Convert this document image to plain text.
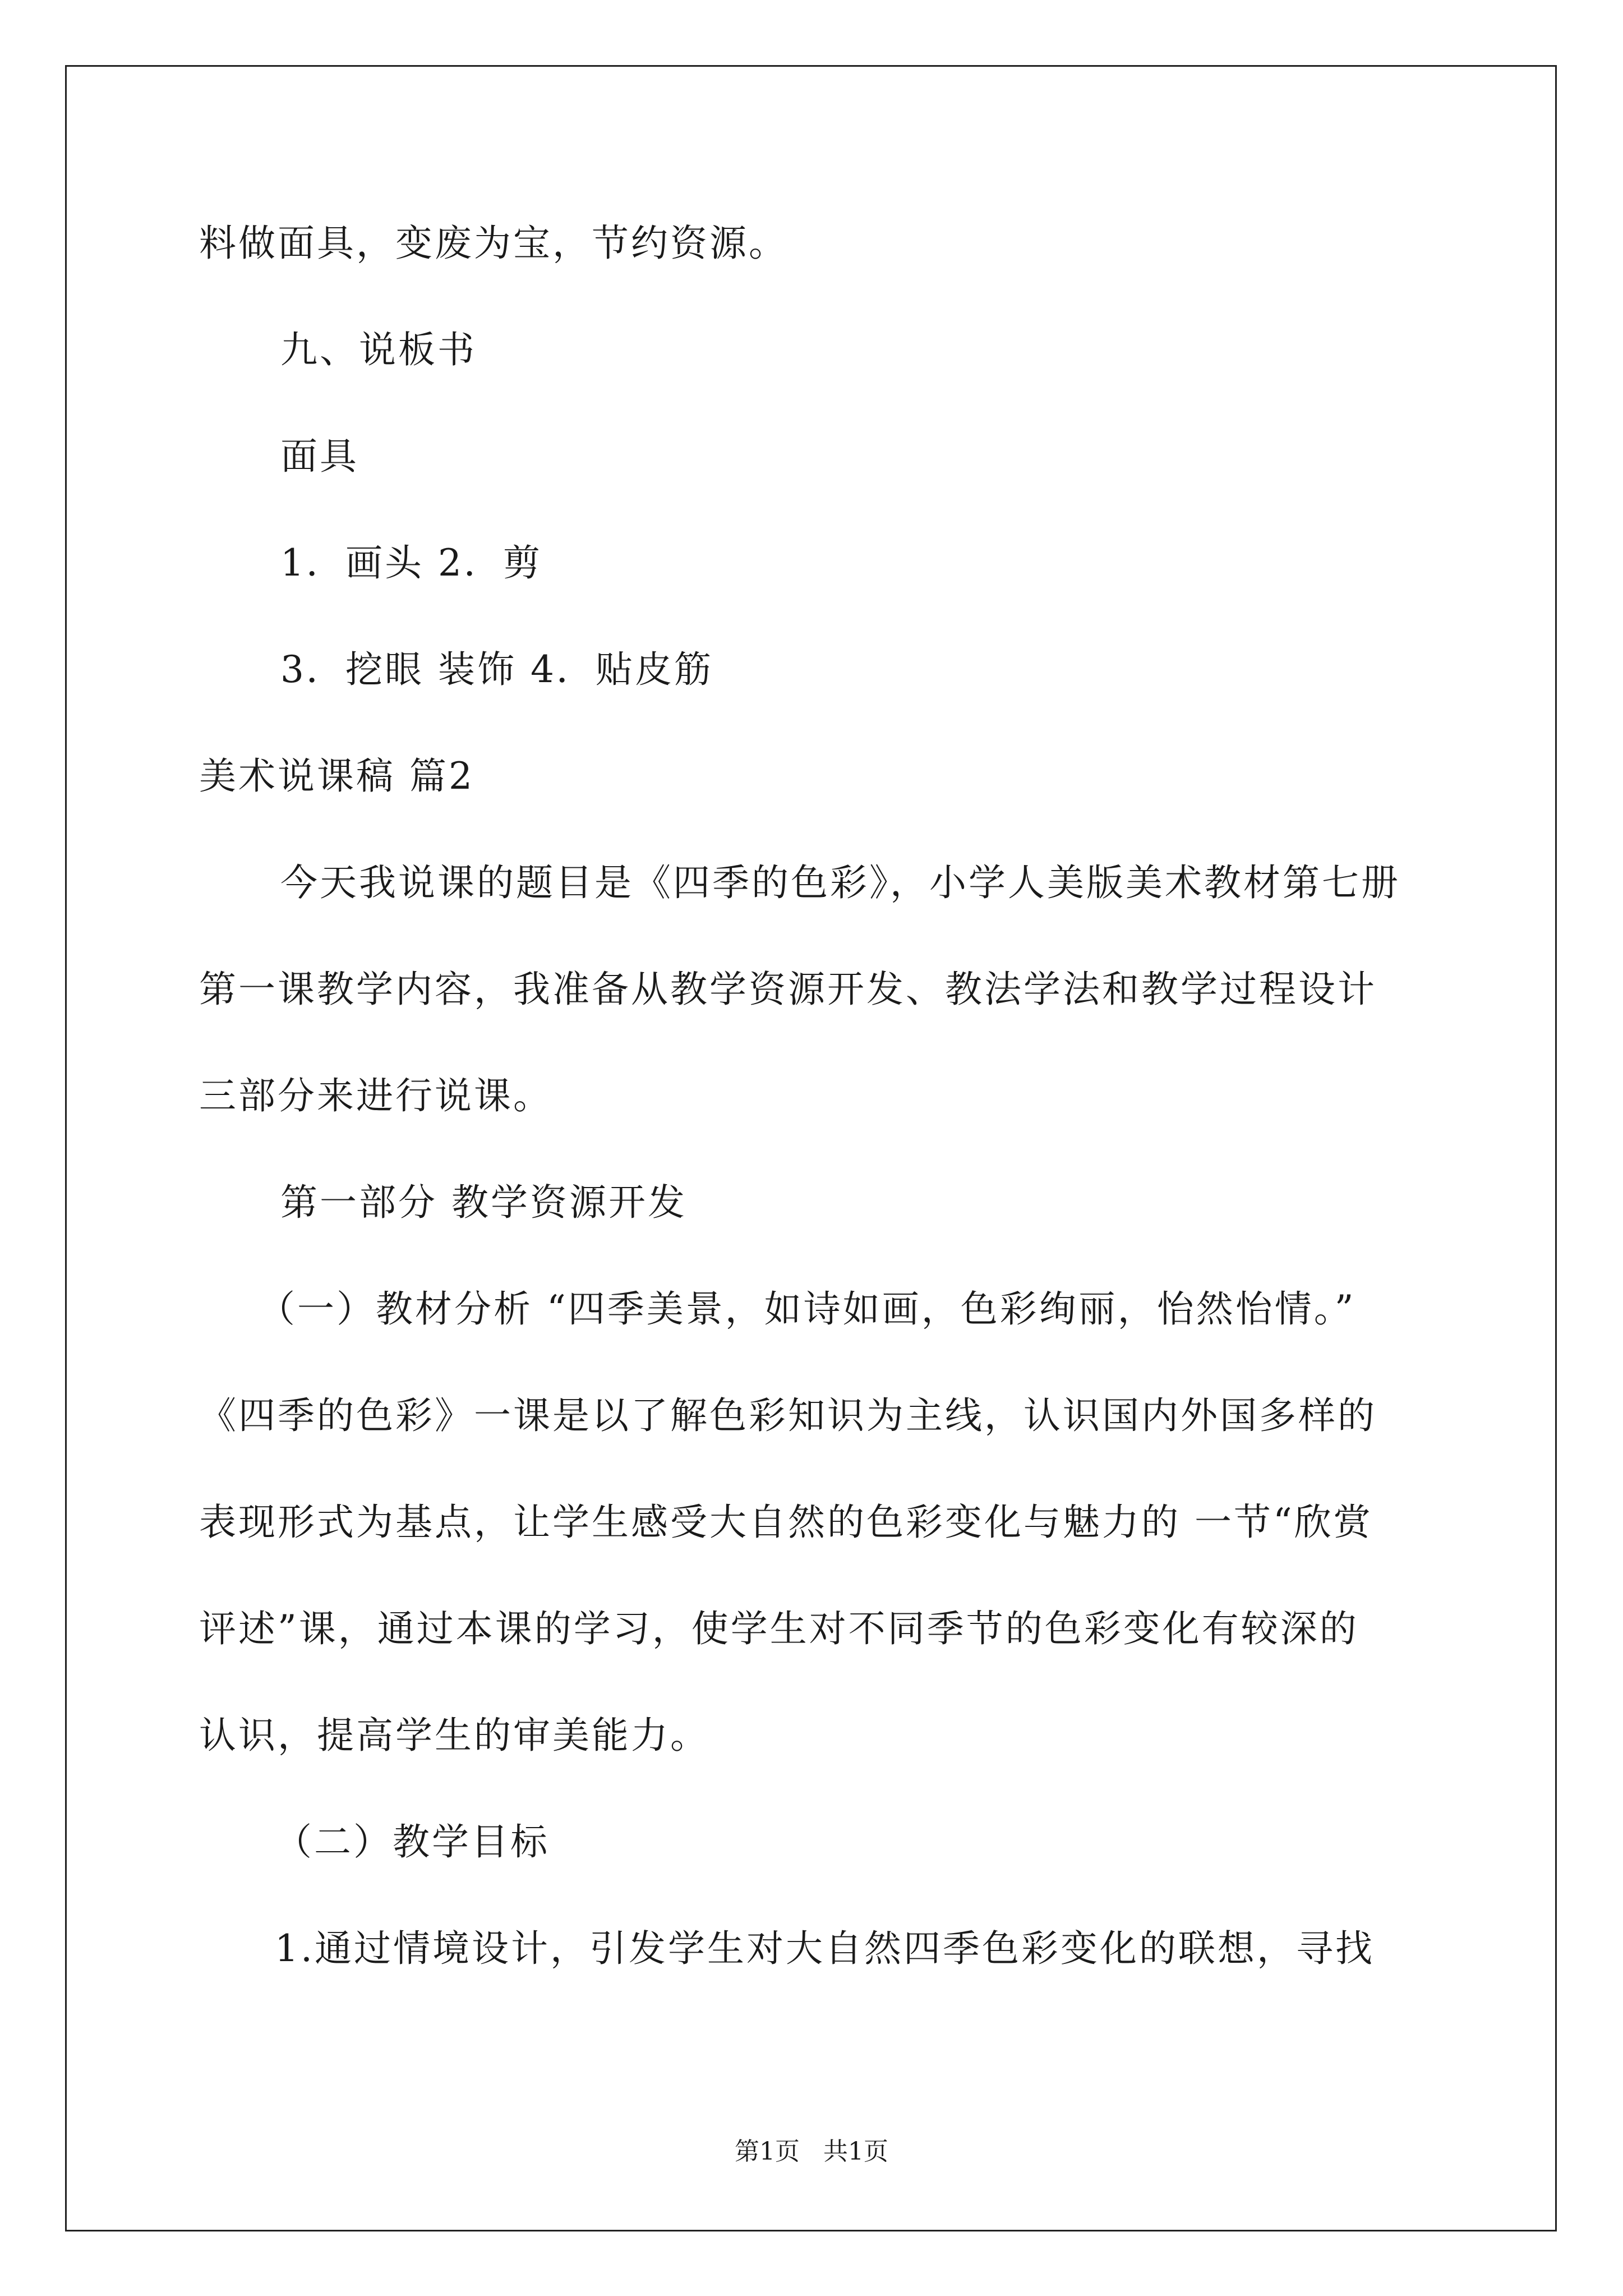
料做面具，变废为宝，节约资源。
九、说板书
面具
1．画头 2．剪
3．挖眼 装饰 4．贴皮筋
美术说课稿 篇2
今天我说课的题目是《四季的色彩》，小学人美版美术教材第七册
第一课教学内容，我准备从教学资源开发、教法学法和教学过程设计
三部分来进行说课。
第一部分 教学资源开发
（一）教材分析 “四季美景，如诗如画，色彩绚丽，怡然怡情。”
《四季的色彩》一课是以了解色彩知识为主线，认识国内外国多样的
表现形式为基点，让学生感受大自然的色彩变化与魅力的 一节“欣赏
评述”课，通过本课的学习，使学生对不同季节的色彩变化有较深的
认识，提高学生的审美能力。
（二）教学目标
1.通过情境设计，引发学生对大自然四季色彩变化的联想，寻找
第1页   共1页
